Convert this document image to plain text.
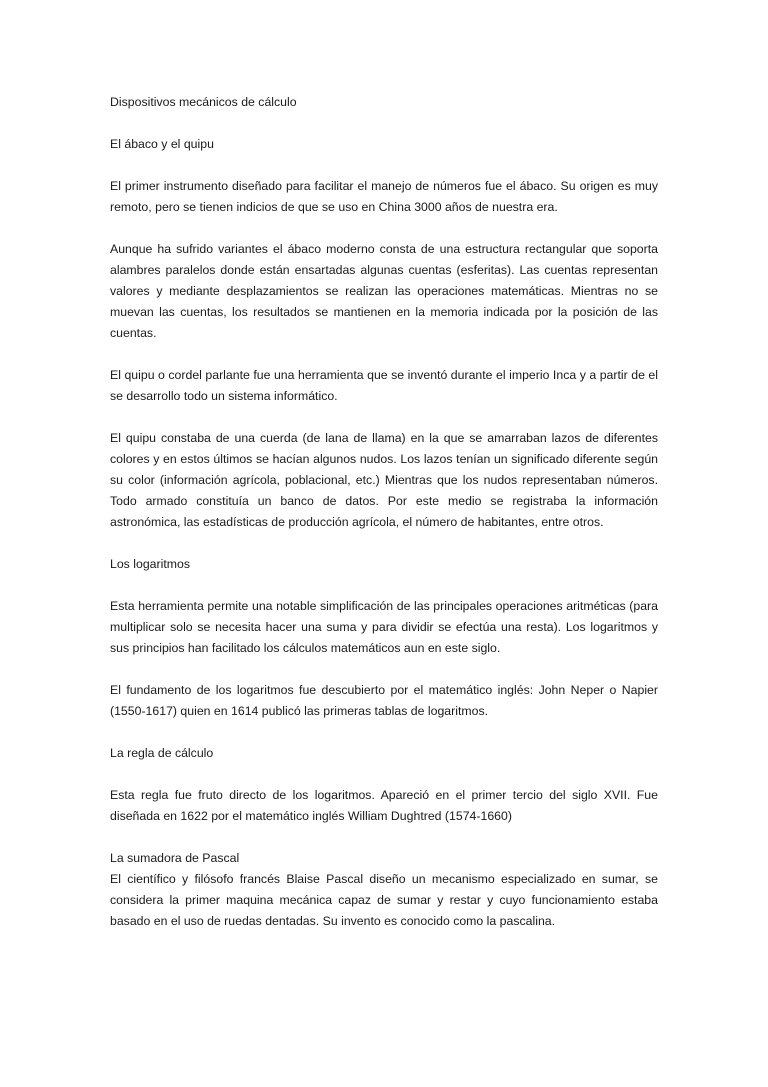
Dispositivos mecánicos de cálculo

El ábaco y el quipu

El primer instrumento diseñado para facilitar el manejo de números fue el ábaco. Su origen es muy remoto, pero se tienen indicios de que se uso en China 3000 años de nuestra era.

Aunque ha sufrido variantes el ábaco moderno consta de una estructura rectangular que soporta alambres paralelos donde están ensartadas algunas cuentas (esferitas). Las cuentas representan valores y mediante desplazamientos se realizan las operaciones matemáticas. Mientras no se muevan las cuentas, los resultados se mantienen en la memoria indicada por la posición de las cuentas.

El quipu o cordel parlante fue una herramienta que se inventó durante el imperio Inca y a partir de el se desarrollo todo un sistema informático.

El quipu constaba de una cuerda (de lana de llama) en la que se amarraban lazos de diferentes colores y en estos últimos se hacían algunos nudos. Los lazos tenían un significado diferente según su color (información agrícola, poblacional, etc.) Mientras que los nudos representaban números. Todo armado constituía un banco de datos. Por este medio se registraba la información astronómica, las estadísticas de producción agrícola, el número de habitantes, entre otros.

Los logaritmos

Esta herramienta permite una notable simplificación de las principales operaciones aritméticas (para multiplicar solo se necesita hacer una suma y para dividir se efectúa una resta). Los logaritmos y sus principios han facilitado los cálculos matemáticos aun en este siglo.

El fundamento de los logaritmos fue descubierto por el matemático inglés: John Neper o Napier (1550-1617) quien en 1614 publicó las primeras tablas de logaritmos.

La regla de cálculo

Esta regla fue fruto directo de los logaritmos. Apareció en el primer tercio del siglo XVII. Fue diseñada en 1622 por el matemático inglés William Dughtred (1574-1660)

La sumadora de Pascal

El científico y filósofo francés Blaise Pascal diseño un mecanismo especializado en sumar, se considera la primer maquina mecánica capaz de sumar y restar y cuyo funcionamiento estaba basado en el uso de ruedas dentadas. Su invento es conocido como la pascalina.
